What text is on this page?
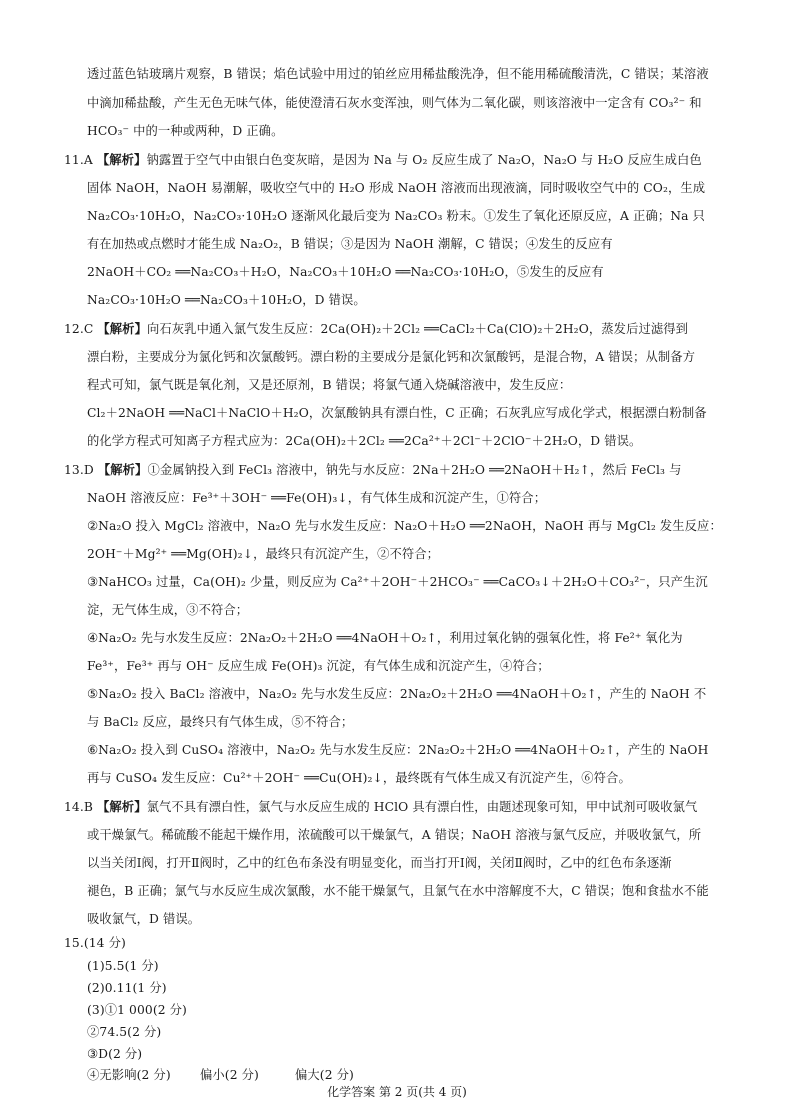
透过蓝色钴玻璃片观察，B 错误；焰色试验中用过的铂丝应用稀盐酸洗净，但不能用稀硫酸清洗，C 错误；某溶液
中滴加稀盐酸，产生无色无味气体，能使澄清石灰水变浑浊，则气体为二氧化碳，则该溶液中一定含有 CO₃²⁻ 和
HCO₃⁻ 中的一种或两种，D 正确。
11.A 【解析】钠露置于空气中由银白色变灰暗，是因为 Na 与 O₂ 反应生成了 Na₂O，Na₂O 与 H₂O 反应生成白色
固体 NaOH，NaOH 易潮解，吸收空气中的 H₂O 形成 NaOH 溶液而出现液滴，同时吸收空气中的 CO₂，生成
Na₂CO₃·10H₂O，Na₂CO₃·10H₂O 逐渐风化最后变为 Na₂CO₃ 粉末。①发生了氧化还原反应，A 正确；Na 只
有在加热或点燃时才能生成 Na₂O₂，B 错误；③是因为 NaOH 潮解，C 错误；④发生的反应有
2NaOH＋CO₂ ══Na₂CO₃＋H₂O，Na₂CO₃＋10H₂O ══Na₂CO₃·10H₂O，⑤发生的反应有
Na₂CO₃·10H₂O ══Na₂CO₃＋10H₂O，D 错误。
12.C 【解析】向石灰乳中通入氯气发生反应：2Ca(OH)₂＋2Cl₂ ══CaCl₂＋Ca(ClO)₂＋2H₂O，蒸发后过滤得到
漂白粉，主要成分为氯化钙和次氯酸钙。漂白粉的主要成分是氯化钙和次氯酸钙，是混合物，A 错误；从制备方
程式可知，氯气既是氧化剂，又是还原剂，B 错误；将氯气通入烧碱溶液中，发生反应：
Cl₂＋2NaOH ══NaCl＋NaClO＋H₂O，次氯酸钠具有漂白性，C 正确；石灰乳应写成化学式，根据漂白粉制备
的化学方程式可知离子方程式应为：2Ca(OH)₂＋2Cl₂ ══2Ca²⁺＋2Cl⁻＋2ClO⁻＋2H₂O，D 错误。
13.D 【解析】①金属钠投入到 FeCl₃ 溶液中，钠先与水反应：2Na＋2H₂O ══2NaOH＋H₂↑，然后 FeCl₃ 与
NaOH 溶液反应：Fe³⁺＋3OH⁻ ══Fe(OH)₃↓，有气体生成和沉淀产生，①符合；
②Na₂O 投入 MgCl₂ 溶液中，Na₂O 先与水发生反应：Na₂O＋H₂O ══2NaOH，NaOH 再与 MgCl₂ 发生反应：
2OH⁻＋Mg²⁺ ══Mg(OH)₂↓，最终只有沉淀产生，②不符合；
③NaHCO₃ 过量，Ca(OH)₂ 少量，则反应为 Ca²⁺＋2OH⁻＋2HCO₃⁻ ══CaCO₃↓＋2H₂O＋CO₃²⁻，只产生沉
淀，无气体生成，③不符合；
④Na₂O₂ 先与水发生反应：2Na₂O₂＋2H₂O ══4NaOH＋O₂↑，利用过氧化钠的强氧化性，将 Fe²⁺ 氧化为
Fe³⁺，Fe³⁺ 再与 OH⁻ 反应生成 Fe(OH)₃ 沉淀，有气体生成和沉淀产生，④符合；
⑤Na₂O₂ 投入 BaCl₂ 溶液中，Na₂O₂ 先与水发生反应：2Na₂O₂＋2H₂O ══4NaOH＋O₂↑，产生的 NaOH 不
与 BaCl₂ 反应，最终只有气体生成，⑤不符合；
⑥Na₂O₂ 投入到 CuSO₄ 溶液中，Na₂O₂ 先与水发生反应：2Na₂O₂＋2H₂O ══4NaOH＋O₂↑，产生的 NaOH
再与 CuSO₄ 发生反应：Cu²⁺＋2OH⁻ ══Cu(OH)₂↓，最终既有气体生成又有沉淀产生，⑥符合。
14.B 【解析】氯气不具有漂白性，氯气与水反应生成的 HClO 具有漂白性，由题述现象可知，甲中试剂可吸收氯气
或干燥氯气。稀硫酸不能起干燥作用，浓硫酸可以干燥氯气，A 错误；NaOH 溶液与氯气反应，并吸收氯气，所
以当关闭Ⅰ阀，打开Ⅱ阀时，乙中的红色布条没有明显变化，而当打开Ⅰ阀，关闭Ⅱ阀时，乙中的红色布条逐渐
褪色，B 正确；氯气与水反应生成次氯酸，水不能干燥氯气，且氯气在水中溶解度不大，C 错误；饱和食盐水不能
吸收氯气，D 错误。
15.(14 分)
(1)5.5(1 分)
(2)0.11(1 分)
(3)①1 000(2 分)
②74.5(2 分)
③D(2 分)
④无影响(2 分) 偏小(2 分)	偏大(2 分)
化学答案 第 2 页(共 4 页)
